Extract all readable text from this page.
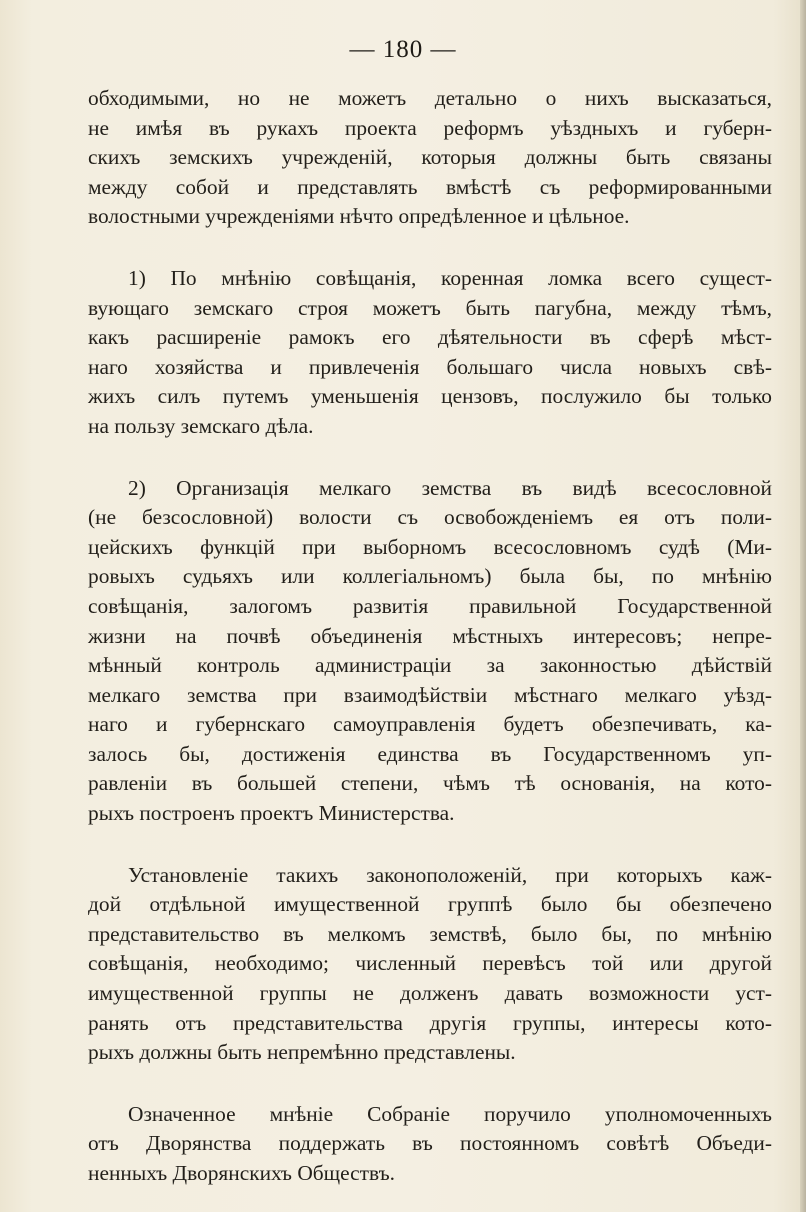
— 180 —
обходимыми, но не можетъ детально о нихъ высказаться,
не имѣя въ рукахъ проекта реформъ уѣздныхъ и губерн-
скихъ земскихъ учрежденій, которыя должны быть связаны
между собой и представлять вмѣстѣ съ реформированными
волостными учрежденіями нѣчто опредѣленное и цѣльное.
1) По мнѣнію совѣщанія, коренная ломка всего сущест-
вующаго земскаго строя можетъ быть пагубна, между тѣмъ,
какъ расширеніе рамокъ его дѣятельности въ сферѣ мѣст-
наго хозяйства и привлеченія большаго числа новыхъ свѣ-
жихъ силъ путемъ уменьшенія цензовъ, послужило бы только
на пользу земскаго дѣла.
2) Организація мелкаго земства въ видѣ всесословной
(не безсословной) волости съ освобожденіемъ ея отъ поли-
цейскихъ функцій при выборномъ всесословномъ судѣ (Ми-
ровыхъ судьяхъ или коллегіальномъ) была бы, по мнѣнію
совѣщанія, залогомъ развитія правильной Государственной
жизни на почвѣ объединенія мѣстныхъ интересовъ; непре-
мѣнный контроль администраціи за законностью дѣйствій
мелкаго земства при взаимодѣйствіи мѣстнаго мелкаго уѣзд-
наго и губернскаго самоуправленія будетъ обезпечивать, ка-
залось бы, достиженія единства въ Государственномъ уп-
равленіи въ большей степени, чѣмъ тѣ основанія, на кото-
рыхъ построенъ проектъ Министерства.
Установленіе такихъ законоположеній, при которыхъ каж-
дой отдѣльной имущественной группѣ было бы обезпечено
представительство въ мелкомъ земствѣ, было бы, по мнѣнію
совѣщанія, необходимо; численный перевѣсъ той или другой
имущественной группы не долженъ давать возможности уст-
ранять отъ представительства другія группы, интересы кото-
рыхъ должны быть непремѣнно представлены.
Означенное мнѣніе Собраніе поручило уполномоченныхъ
отъ Дворянства поддержать въ постоянномъ совѣтѣ Объеди-
ненныхъ Дворянскихъ Обществъ.
